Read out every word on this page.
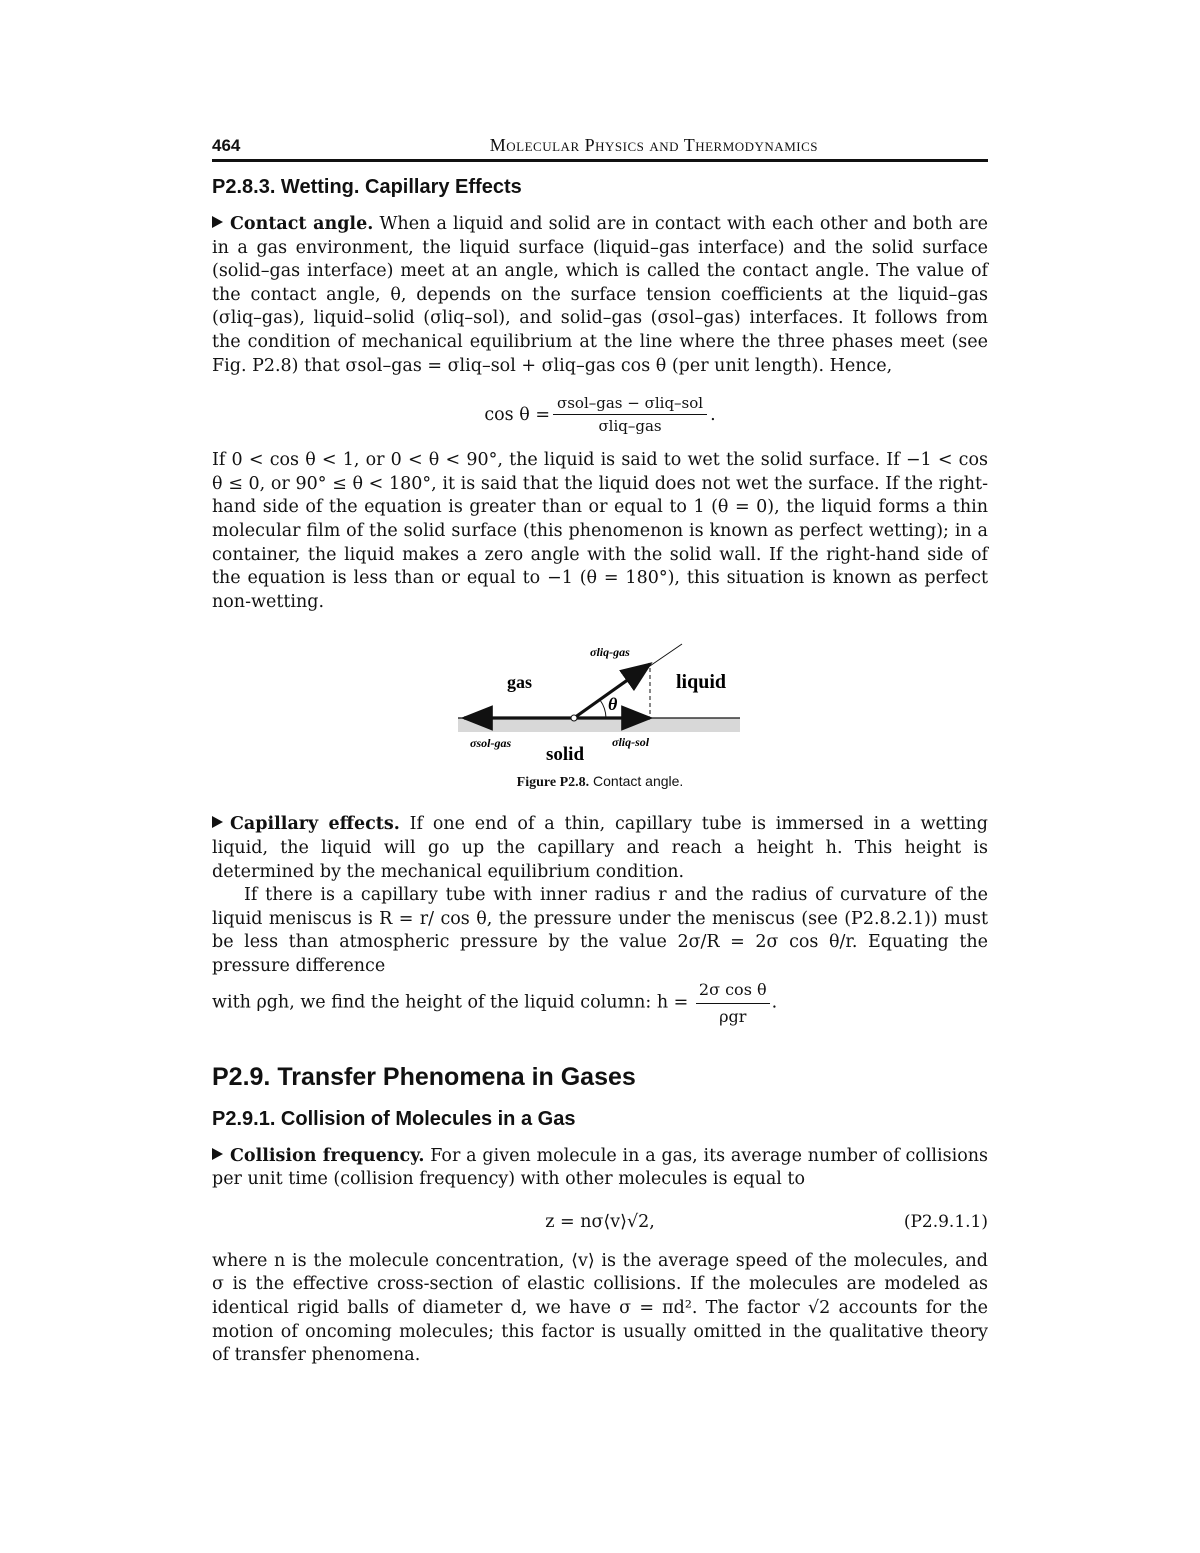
464	Molecular Physics and Thermodynamics
P2.8.3. Wetting. Capillary Effects

Contact angle. When a liquid and solid are in contact with each other and both are in a gas environment, the liquid surface (liquid–gas interface) and the solid surface (solid–gas interface) meet at an angle, which is called the contact angle. The value of the contact angle, θ, depends on the surface tension coefficients at the liquid–gas (σliq–gas), liquid–solid (σliq–sol), and solid–gas (σsol–gas) interfaces. It follows from the condition of mechanical equilibrium at the line where the three phases meet (see Fig. P2.8) that σsol–gas = σliq–sol + σliq–gas cos θ (per unit length). Hence,

$\cos \theta = \frac{\text{σsol–gas − σliq–sol}}{\text{σliq–gas}}$ .

If 0 < cos θ < 1, or 0 < θ < 90°, the liquid is said to wet the solid surface. If −1 < cos θ ≤ 0, or 90° ≤ θ < 180°, it is said that the liquid does not wet the surface. If the right-hand side of the equation is greater than or equal to 1 (θ = 0), the liquid forms a thin molecular film of the solid surface (this phenomenon is known as perfect wetting); in a container, the liquid makes a zero angle with the solid wall. If the right-hand side of the equation is less than or equal to −1 (θ = 180°), this situation is known as perfect non-wetting.

gas	liquid
solid
θ
σliq-gas
σsol-gas	σliq-sol
Figure P2.8. Contact angle.

Capillary effects. If one end of a thin, capillary tube is immersed in a wetting liquid, the liquid will go up the capillary and reach a height h. This height is determined by the mechanical equilibrium condition.

If there is a capillary tube with inner radius r and the radius of curvature of the liquid meniscus is R = r/ cos θ, the pressure under the meniscus (see (P2.8.2.1)) must be less than atmospheric pressure by the value 2σ/R = 2σ cos θ/r. Equating the pressure difference

with ρgh, we find the height of the liquid column: $h = \frac{\text{2σ cos θ}}{\text{ρgr}}$ .

P2.9. Transfer Phenomena in Gases
P2.9.1. Collision of Molecules in a Gas

Collision frequency. For a given molecule in a gas, its average number of collisions per unit time (collision frequency) with other molecules is equal to

z = nσ⟨v⟩√2,	(P2.9.1.1)

where n is the molecule concentration, ⟨v⟩ is the average speed of the molecules, and σ is the effective cross-section of elastic collisions. If the molecules are modeled as identical rigid balls of diameter d, we have σ = πd². The factor √2 accounts for the motion of oncoming molecules; this factor is usually omitted in the qualitative theory of transfer phenomena.
